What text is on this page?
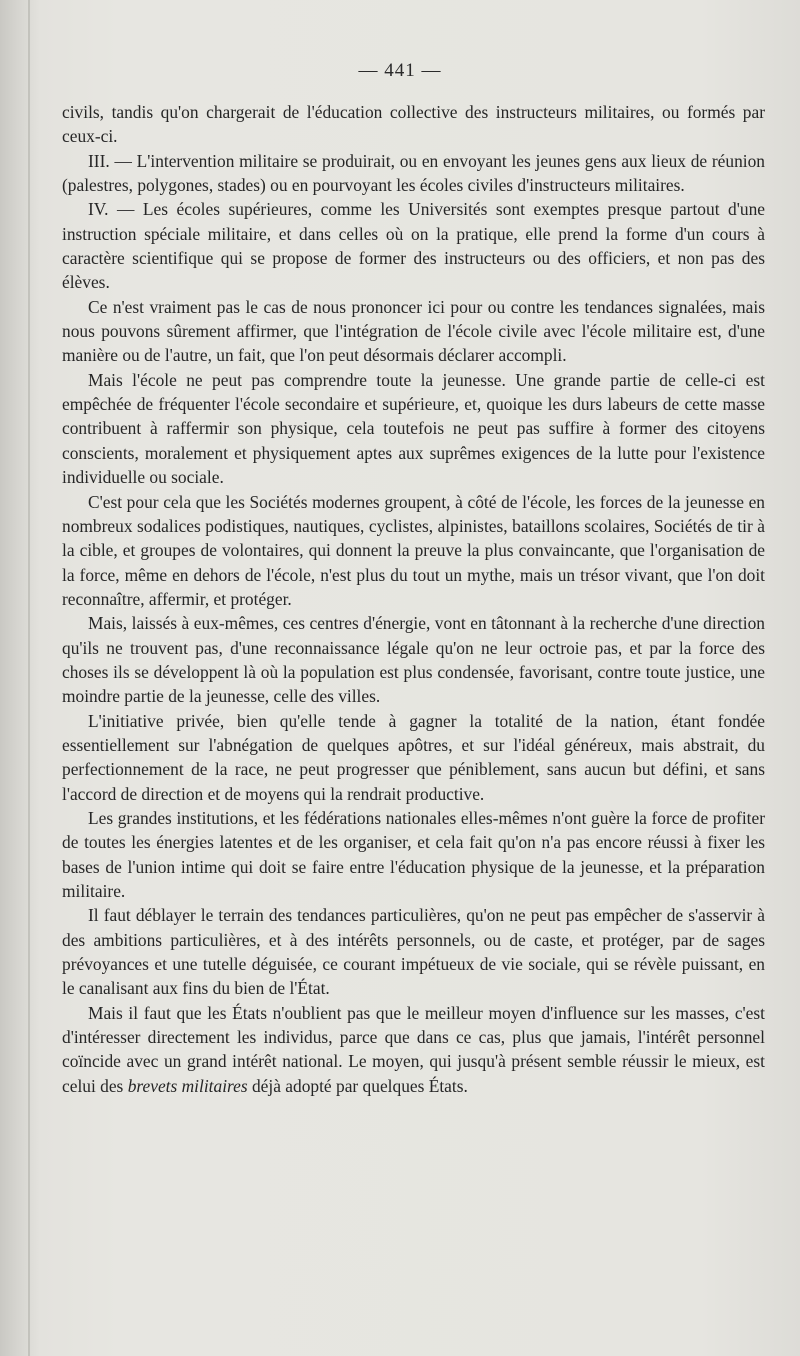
— 441 —

civils, tandis qu'on chargerait de l'éducation collective des instructeurs militaires, ou formés par ceux-ci.

III. — L'intervention militaire se produirait, ou en envoyant les jeunes gens aux lieux de réunion (palestres, polygones, stades) ou en pourvoyant les écoles civiles d'instructeurs militaires.

IV. — Les écoles supérieures, comme les Universités sont exemptes presque partout d'une instruction spéciale militaire, et dans celles où on la pratique, elle prend la forme d'un cours à caractère scientifique qui se propose de former des instructeurs ou des officiers, et non pas des élèves.

Ce n'est vraiment pas le cas de nous prononcer ici pour ou contre les tendances signalées, mais nous pouvons sûrement affirmer, que l'intégration de l'école civile avec l'école militaire est, d'une manière ou de l'autre, un fait, que l'on peut désormais déclarer accompli.

Mais l'école ne peut pas comprendre toute la jeunesse. Une grande partie de celle-ci est empêchée de fréquenter l'école secondaire et supérieure, et, quoique les durs labeurs de cette masse contribuent à raffermir son physique, cela toutefois ne peut pas suffire à former des citoyens conscients, moralement et physiquement aptes aux suprêmes exigences de la lutte pour l'existence individuelle ou sociale.

C'est pour cela que les Sociétés modernes groupent, à côté de l'école, les forces de la jeunesse en nombreux sodalices podistiques, nautiques, cyclistes, alpinistes, bataillons scolaires, Sociétés de tir à la cible, et groupes de volontaires, qui donnent la preuve la plus convaincante, que l'organisation de la force, même en dehors de l'école, n'est plus du tout un mythe, mais un trésor vivant, que l'on doit reconnaître, affermir, et protéger.

Mais, laissés à eux-mêmes, ces centres d'énergie, vont en tâtonnant à la recherche d'une direction qu'ils ne trouvent pas, d'une reconnaissance légale qu'on ne leur octroie pas, et par la force des choses ils se développent là où la population est plus condensée, favorisant, contre toute justice, une moindre partie de la jeunesse, celle des villes.

L'initiative privée, bien qu'elle tende à gagner la totalité de la nation, étant fondée essentiellement sur l'abnégation de quelques apôtres, et sur l'idéal généreux, mais abstrait, du perfectionnement de la race, ne peut progresser que péniblement, sans aucun but défini, et sans l'accord de direction et de moyens qui la rendrait productive.

Les grandes institutions, et les fédérations nationales elles-mêmes n'ont guère la force de profiter de toutes les énergies latentes et de les organiser, et cela fait qu'on n'a pas encore réussi à fixer les bases de l'union intime qui doit se faire entre l'éducation physique de la jeunesse, et la préparation militaire.

Il faut déblayer le terrain des tendances particulières, qu'on ne peut pas empêcher de s'asservir à des ambitions particulières, et à des intérêts personnels, ou de caste, et protéger, par de sages prévoyances et une tutelle déguisée, ce courant impétueux de vie sociale, qui se révèle puissant, en le canalisant aux fins du bien de l'État.

Mais il faut que les États n'oublient pas que le meilleur moyen d'influence sur les masses, c'est d'intéresser directement les individus, parce que dans ce cas, plus que jamais, l'intérêt personnel coïncide avec un grand intérêt national. Le moyen, qui jusqu'à présent semble réussir le mieux, est celui des brevets militaires déjà adopté par quelques États.
